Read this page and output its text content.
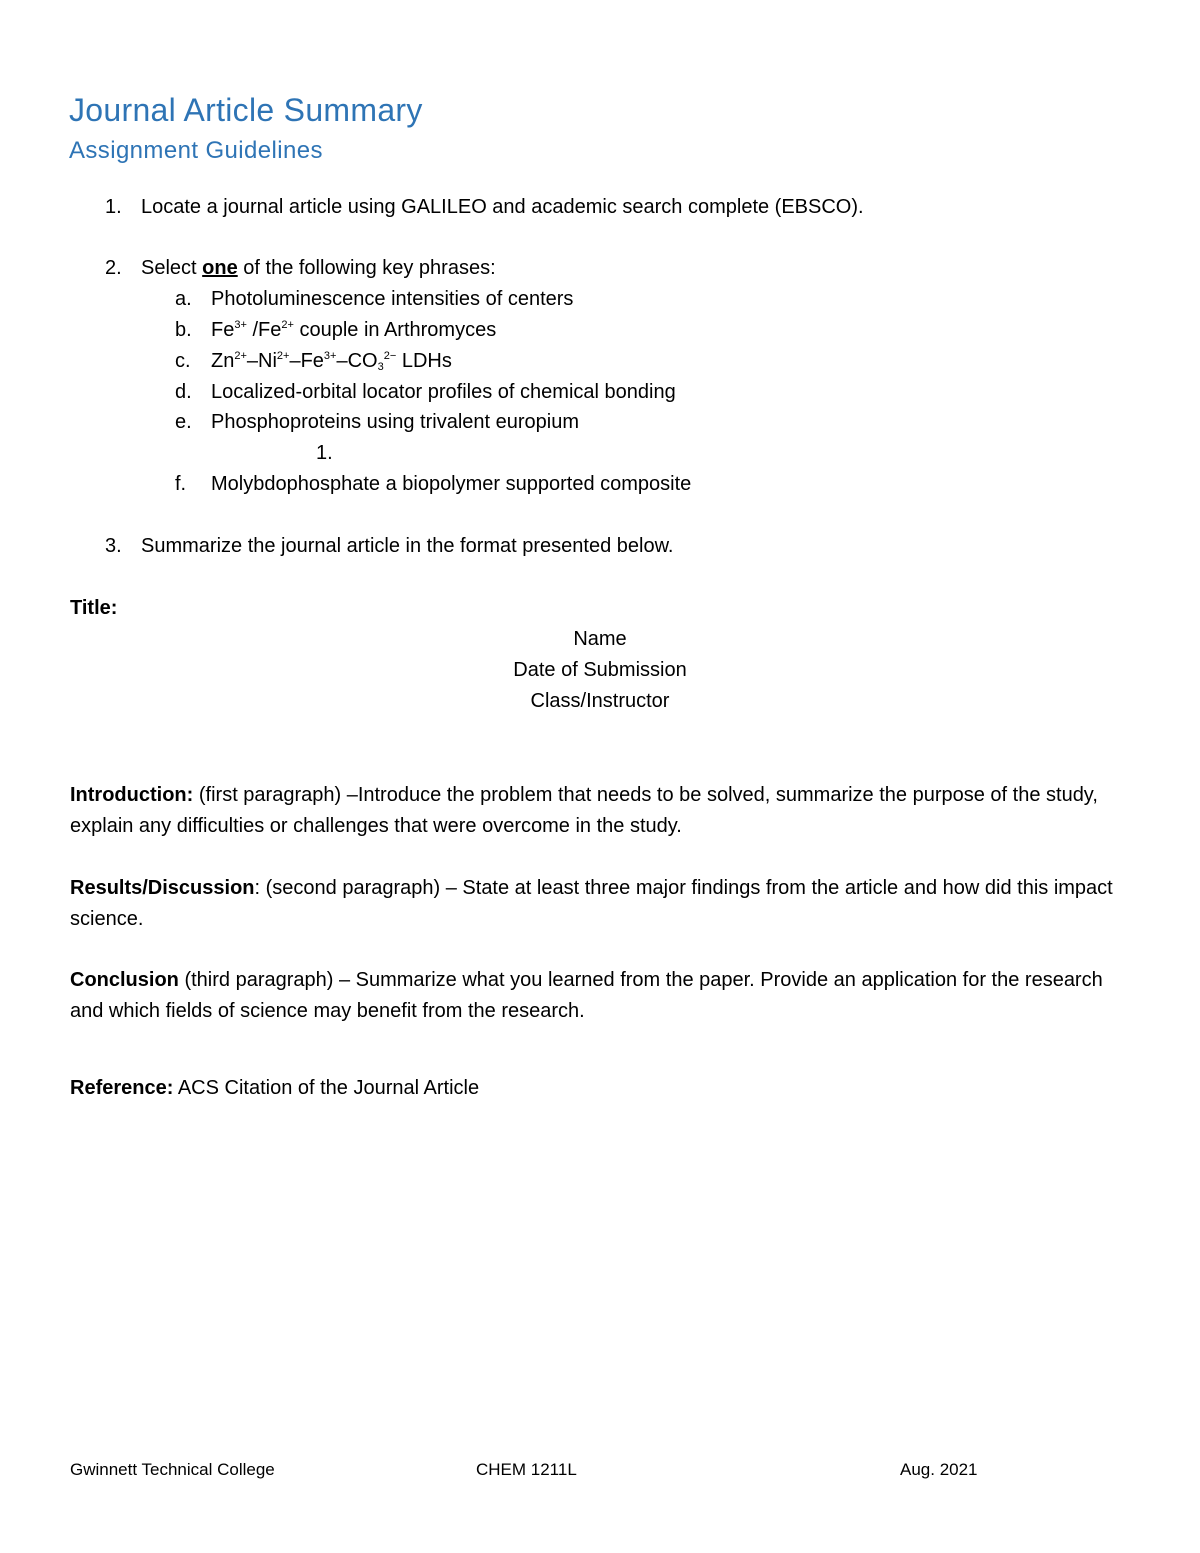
Journal Article Summary
Assignment Guidelines
1. Locate a journal article using GALILEO and academic search complete (EBSCO).
2. Select one of the following key phrases:
a. Photoluminescence intensities of centers
b. $Fe^{3+}$ $/Fe^{2+}$ couple in Arthromyces
c. $Zn^{2+}-Ni^{2+}-Fe^{3+}-CO_3^{2-}$ LDHs
d. Localized-orbital locator profiles of chemical bonding
e. Phosphoproteins using trivalent europium
1.
f. Molybdophosphate a biopolymer supported composite
3. Summarize the journal article in the format presented below.
Title:
Name
Date of Submission
Class/Instructor
Introduction: (first paragraph) –Introduce the problem that needs to be solved, summarize the purpose of the study, explain any difficulties or challenges that were overcome in the study.
Results/Discussion: (second paragraph) – State at least three major findings from the article and how did this impact science.
Conclusion (third paragraph) – Summarize what you learned from the paper. Provide an application for the research and which fields of science may benefit from the research.
Reference: ACS Citation of the Journal Article
Gwinnett Technical College	CHEM 1211L	Aug. 2021
